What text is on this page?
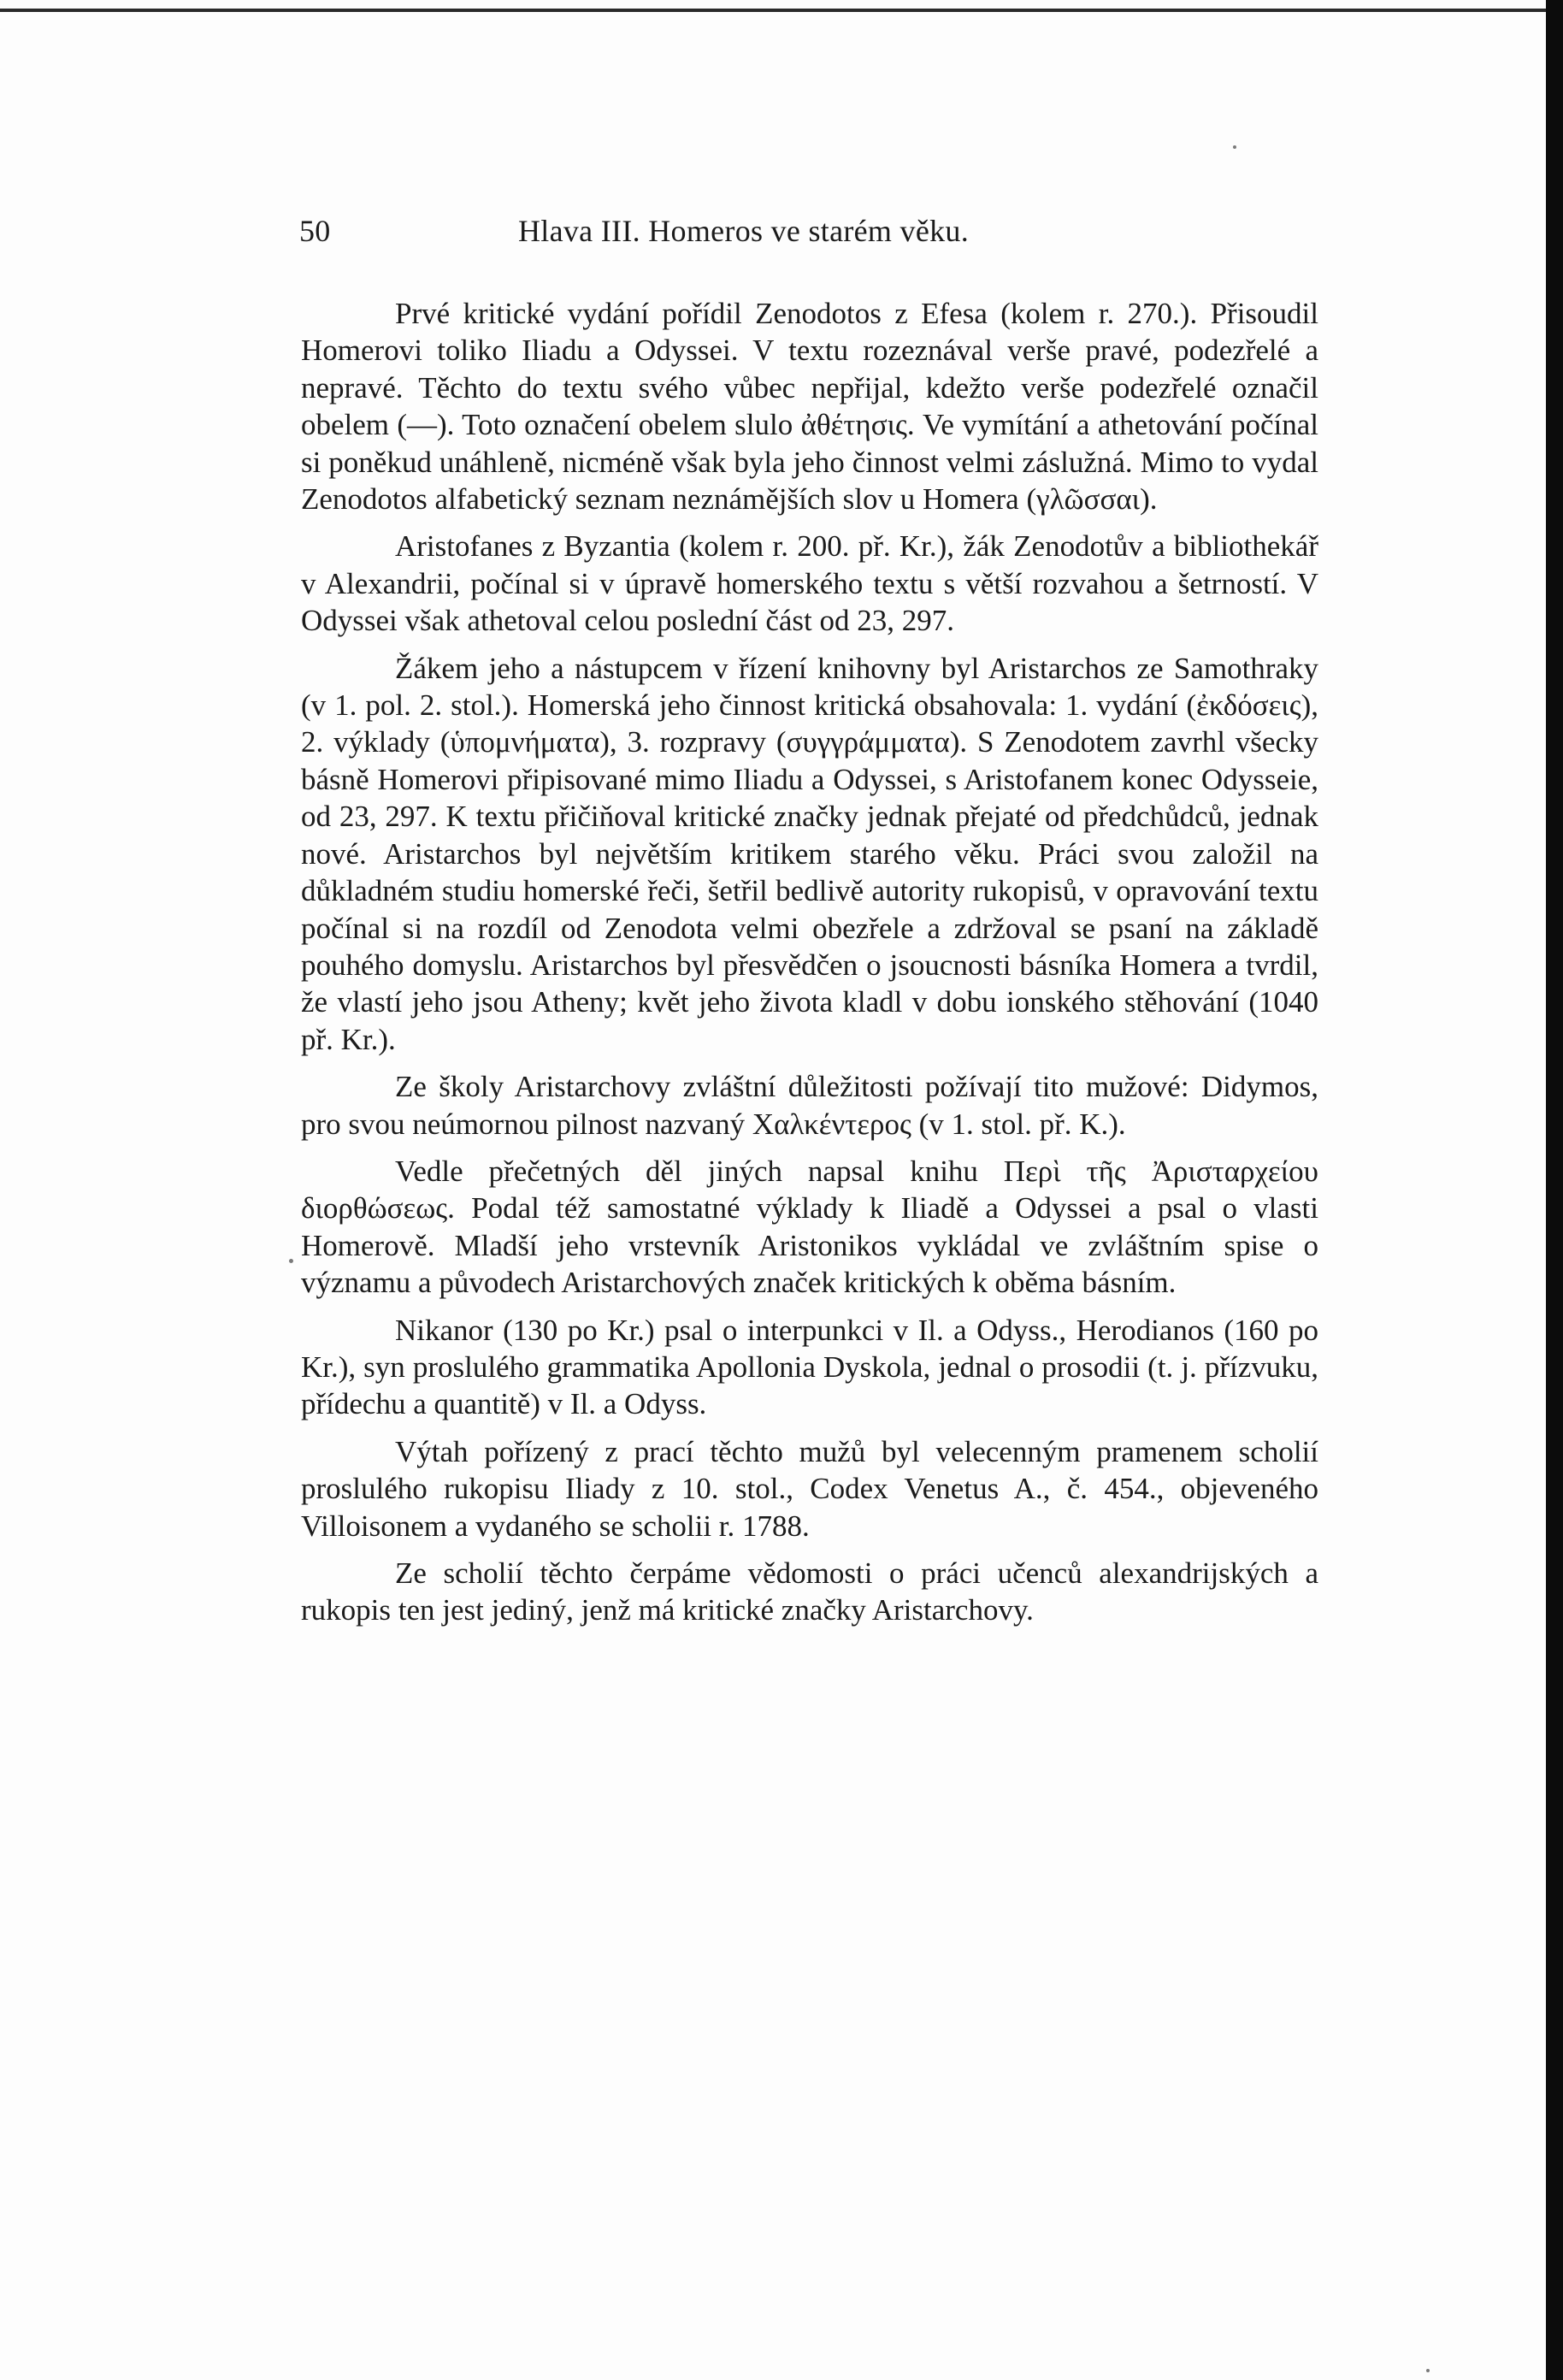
50	Hlava III. Homeros ve starém věku.

Prvé kritické vydání pořídil Zenodotos z Efesa (kolem r. 270.). Přisoudil Homerovi toliko Iliadu a Odyssei. V textu rozeznával verše pravé, podezřelé a nepravé. Těchto do textu svého vůbec nepřijal, kdežto verše podezřelé označil obelem (—). Toto označení obelem slulo ἀθέτησις. Ve vymítání a athetování počínal si poněkud unáhleně, nicméně však byla jeho činnost velmi záslužná. Mimo to vydal Zenodotos alfabetický seznam neznámějších slov u Homera (γλῶσσαι).

Aristofanes z Byzantia (kolem r. 200. př. Kr.), žák Zenodotův a bibliothekář v Alexandrii, počínal si v úpravě homerského textu s větší rozvahou a šetrností. V Odyssei však athetoval celou poslední část od 23, 297.

Žákem jeho a nástupcem v řízení knihovny byl Aristarchos ze Samothraky (v 1. pol. 2. stol.). Homerská jeho činnost kritická obsahovala: 1. vydání (ἐκδόσεις), 2. výklady (ὑπομνήματα), 3. rozpravy (συγγράμματα). S Zenodotem zavrhl všecky básně Homerovi připisované mimo Iliadu a Odyssei, s Aristofanem konec Odysseie, od 23, 297. K textu přičiňoval kritické značky jednak přejaté od předchůdců, jednak nové. Aristarchos byl největším kritikem starého věku. Práci svou založil na důkladném studiu homerské řeči, šetřil bedlivě autority rukopisů, v opravování textu počínal si na rozdíl od Zenodota velmi obezřele a zdržoval se psaní na základě pouhého domyslu. Aristarchos byl přesvědčen o jsoucnosti básníka Homera a tvrdil, že vlastí jeho jsou Atheny; květ jeho života kladl v dobu ionského stěhování (1040 př. Kr.).

Ze školy Aristarchovy zvláštní důležitosti požívají tito mužové: Didymos, pro svou neúmornou pilnost nazvaný Χαλκέντερος (v 1. stol. př. K.).

Vedle přečetných děl jiných napsal knihu Περὶ τῆς Ἀρισταρχείου διορθώσεως. Podal též samostatné výklady k Iliadě a Odyssei a psal o vlasti Homerově. Mladší jeho vrstevník Aristonikos vykládal ve zvláštním spise o významu a původech Aristarchových značek kritických k oběma básním.

Nikanor (130 po Kr.) psal o interpunkci v Il. a Odyss., Herodianos (160 po Kr.), syn proslulého grammatika Apollonia Dyskola, jednal o prosodii (t. j. přízvuku, přídechu a quantitě) v Il. a Odyss.

Výtah pořízený z prací těchto mužů byl velecenným pramenem scholií proslulého rukopisu Iliady z 10. stol., Codex Venetus A., č. 454., objeveného Villoisonem a vydaného se scholii r. 1788.

Ze scholií těchto čerpáme vědomosti o práci učenců alexandrijských a rukopis ten jest jediný, jenž má kritické značky Aristarchovy.
